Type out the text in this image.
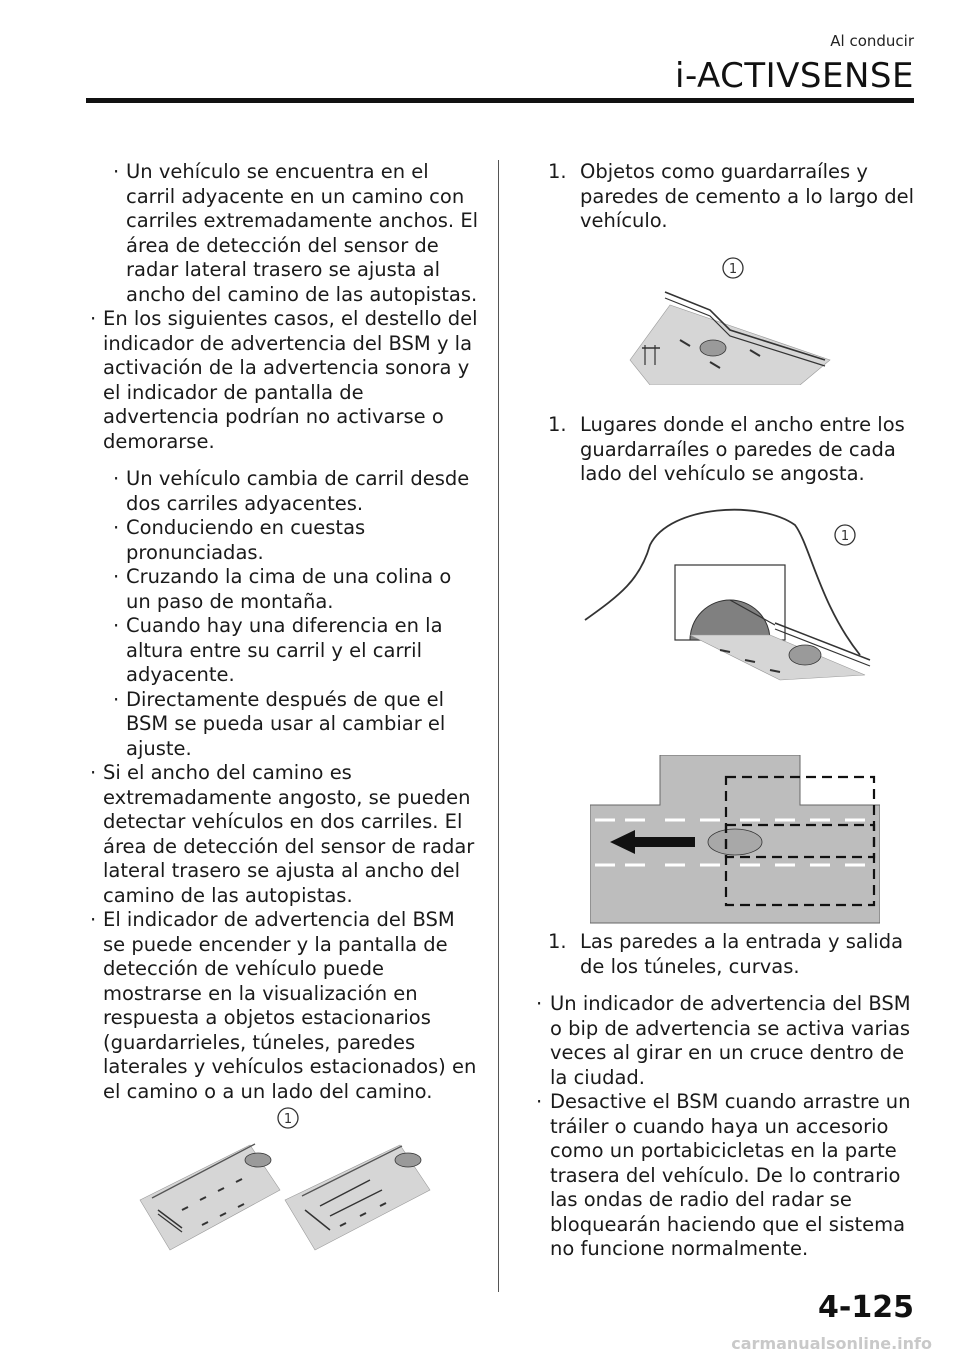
Al conducir
i-ACTIVSENSE

· Un vehículo se encuentra en el carril adyacente en un camino con carriles extremadamente anchos. El área de detección del sensor de radar lateral trasero se ajusta al ancho del camino de las autopistas.

· En los siguientes casos, el destello del indicador de advertencia del BSM y la activación de la advertencia sonora y el indicador de pantalla de advertencia podrían no activarse o demorarse.

· Un vehículo cambia de carril desde dos carriles adyacentes.

· Conduciendo en cuestas pronunciadas.

· Cruzando la cima de una colina o un paso de montaña.

· Cuando hay una diferencia en la altura entre su carril y el carril adyacente.

· Directamente después de que el BSM se pueda usar al cambiar el ajuste.

· Si el ancho del camino es extremadamente angosto, se pueden detectar vehículos en dos carriles. El área de detección del sensor de radar lateral trasero se ajusta al ancho del camino de las autopistas.

· El indicador de advertencia del BSM se puede encender y la pantalla de detección de vehículo puede mostrarse en la visualización en respuesta a objetos estacionarios (guardarrieles, túneles, paredes laterales y vehículos estacionados) en el camino o a un lado del camino.

1

1. Objetos como guardarraíles y paredes de cemento a lo largo del vehículo.

1

1. Lugares donde el ancho entre los guardarraíles o paredes de cada lado del vehículo se angosta.

1

1. Las paredes a la entrada y salida de los túneles, curvas.

· Un indicador de advertencia del BSM o bip de advertencia se activa varias veces al girar en un cruce dentro de la ciudad.

· Desactive el BSM cuando arrastre un tráiler o cuando haya un accesorio como un portabicicletas en la parte trasera del vehículo. De lo contrario las ondas de radio del radar se bloquearán haciendo que el sistema no funcione normalmente.

4-125
carmanualsonline.info
